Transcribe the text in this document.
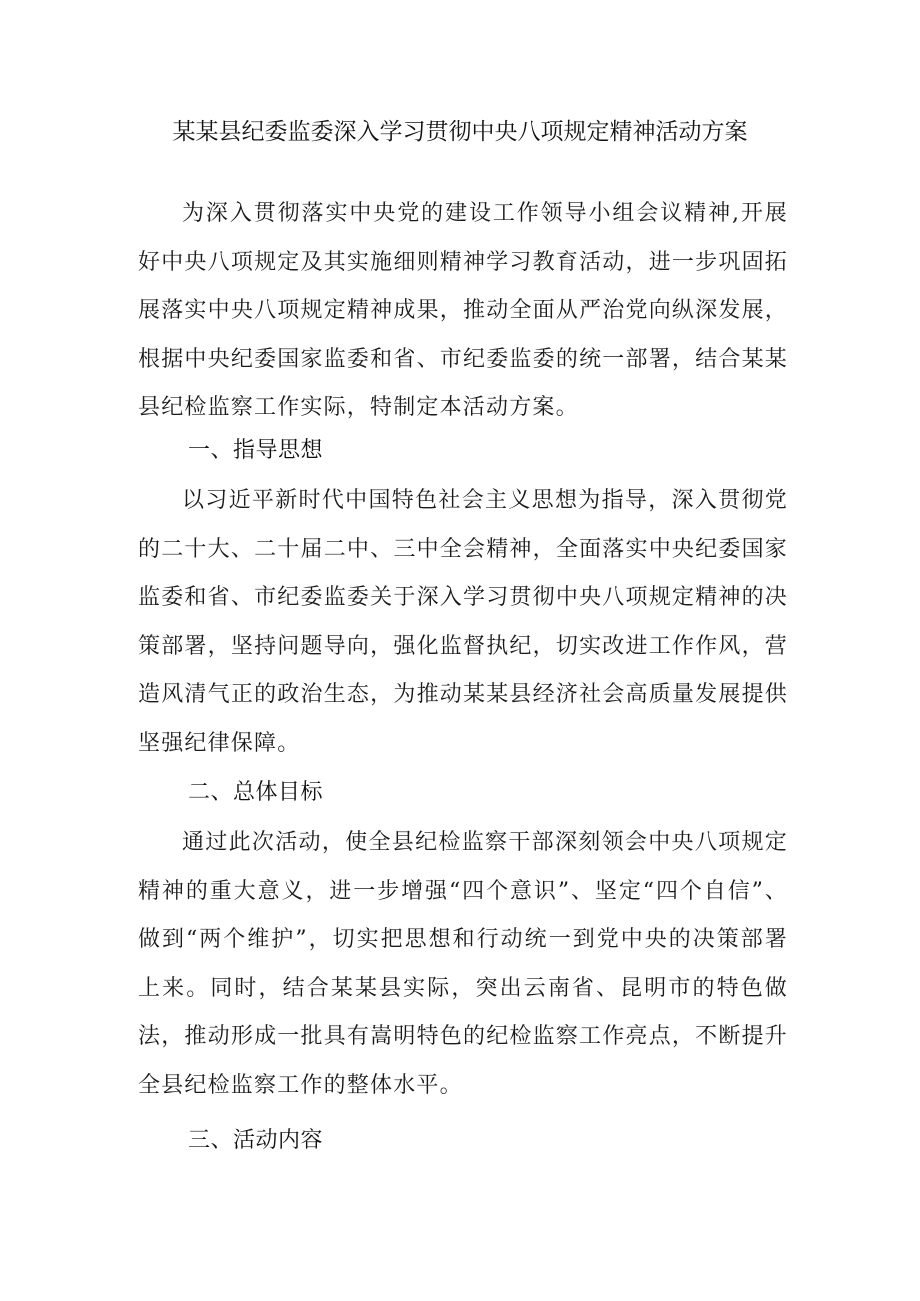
某某县纪委监委深入学习贯彻中央八项规定精神活动方案

为深入贯彻落实中央党的建设工作领导小组会议精神,开展好中央八项规定及其实施细则精神学习教育活动，进一步巩固拓展落实中央八项规定精神成果，推动全面从严治党向纵深发展，根据中央纪委国家监委和省、市纪委监委的统一部署，结合某某县纪检监察工作实际，特制定本活动方案。

一、指导思想

以习近平新时代中国特色社会主义思想为指导，深入贯彻党的二十大、二十届二中、三中全会精神，全面落实中央纪委国家监委和省、市纪委监委关于深入学习贯彻中央八项规定精神的决策部署，坚持问题导向，强化监督执纪，切实改进工作作风，营造风清气正的政治生态，为推动某某县经济社会高质量发展提供坚强纪律保障。

二、总体目标

通过此次活动，使全县纪检监察干部深刻领会中央八项规定精神的重大意义，进一步增强“四个意识”、坚定“四个自信”、做到“两个维护”，切实把思想和行动统一到党中央的决策部署上来。同时，结合某某县实际，突出云南省、昆明市的特色做法，推动形成一批具有嵩明特色的纪检监察工作亮点，不断提升全县纪检监察工作的整体水平。

三、活动内容
